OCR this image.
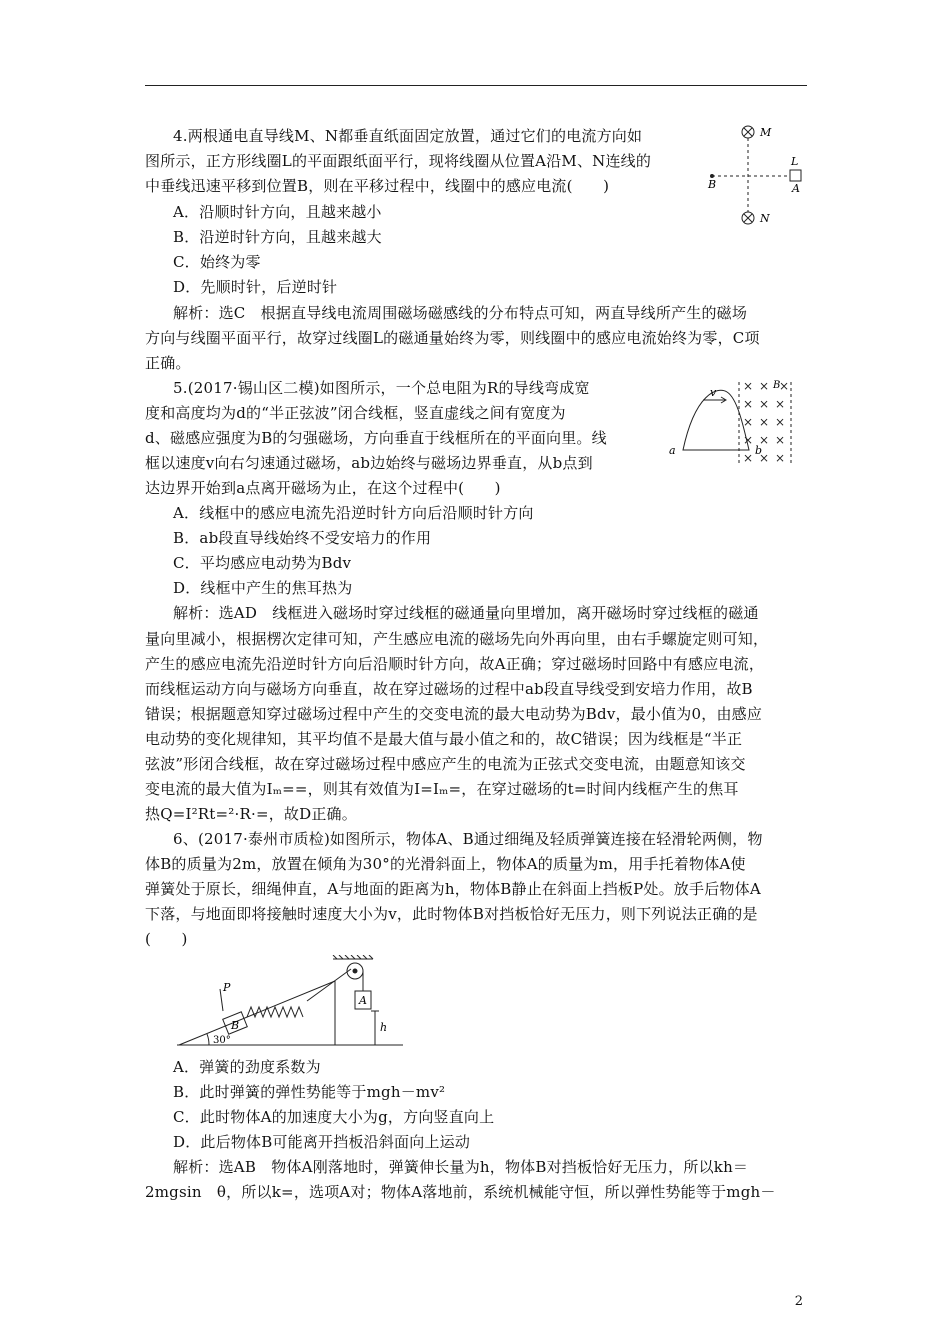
4.两根通电直导线M、N都垂直纸面固定放置，通过它们的电流方向如
图所示，正方形线圈L的平面跟纸面平行，现将线圈从位置A沿M、N连线的
中垂线迅速平移到位置B，则在平移过程中，线圈中的感应电流(　　)
A．沿顺时针方向，且越来越小
B．沿逆时针方向，且越来越大
C．始终为零
D．先顺时针，后逆时针
解析：选C　根据直导线电流周围磁场磁感线的分布特点可知，两直导线所产生的磁场
方向与线圈平面平行，故穿过线圈L的磁通量始终为零，则线圈中的感应电流始终为零，C项
正确。
M
N
L
A
B
5.(2017·锡山区二模)如图所示，一个总电阻为R的导线弯成宽
度和高度均为d的“半正弦波”闭合线框，竖直虚线之间有宽度为
d、磁感应强度为B的匀强磁场，方向垂直于线框所在的平面向里。线
框以速度v向右匀速通过磁场，ab边始终与磁场边界垂直，从b点到
达边界开始到a点离开磁场为止，在这个过程中(　　)
A．线框中的感应电流先沿逆时针方向后沿顺时针方向
B．ab段直导线始终不受安培力的作用
C．平均感应电动势为Bdv
D．线框中产生的焦耳热为
解析：选AD　线框进入磁场时穿过线框的磁通量向里增加，离开磁场时穿过线框的磁通
量向里减小，根据楞次定律可知，产生感应电流的磁场先向外再向里，由右手螺旋定则可知，
产生的感应电流先沿逆时针方向后沿顺时针方向，故A正确；穿过磁场时回路中有感应电流，
而线框运动方向与磁场方向垂直，故在穿过磁场的过程中ab段直导线受到安培力作用，故B
错误；根据题意知穿过磁场过程中产生的交变电流的最大电动势为Bdv，最小值为0，由感应
电动势的变化规律知，其平均值不是最大值与最小值之和的，故C错误；因为线框是“半正
弦波”形闭合线框，故在穿过磁场过程中感应产生的电流为正弦式交变电流，由题意知该交
变电流的最大值为Iₘ==，则其有效值为I=Iₘ=，在穿过磁场的t=时间内线框产生的焦耳
热Q=I²Rt=²·R·=，故D正确。
v
a	b
B
× × ×
× × ×
× × ×
× × ×
× × ×
6、(2017·泰州市质检)如图所示，物体A、B通过细绳及轻质弹簧连接在轻滑轮两侧，物
体B的质量为2m，放置在倾角为30°的光滑斜面上，物体A的质量为m，用手托着物体A使
弹簧处于原长，细绳伸直，A与地面的距离为h，物体B静止在斜面上挡板P处。放手后物体A
下落，与地面即将接触时速度大小为v，此时物体B对挡板恰好无压力，则下列说法正确的是
(　　)
P
B
A
h
30°
A．弹簧的劲度系数为
B．此时弹簧的弹性势能等于mgh－mv²
C．此时物体A的加速度大小为g，方向竖直向上
D．此后物体B可能离开挡板沿斜面向上运动
解析：选AB　物体A刚落地时，弹簧伸长量为h，物体B对挡板恰好无压力，所以kh＝
2mgsin　θ，所以k=，选项A对；物体A落地前，系统机械能守恒，所以弹性势能等于mgh－
2
